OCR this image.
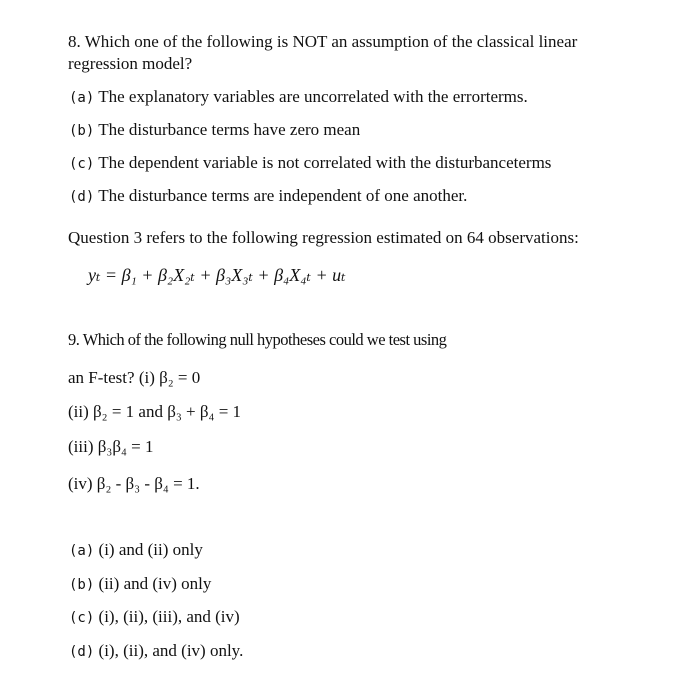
8. Which one of the following is NOT an assumption of the classical linear
regression model?
(a) The explanatory variables are uncorrelated with the errorterms.
(b) The disturbance terms have zero mean
(c) The dependent variable is not correlated with the disturbanceterms
(d) The disturbance terms are independent of one another.
Question 3 refers to the following regression estimated on 64 observations:
yₜ = β₁ + β₂X₂ₜ + β₃X₃ₜ + β₄X₄ₜ + uₜ
9. Which of the following null hypotheses could we test using
an F-test? (i) β₂ = 0
(ii) β₂ = 1 and β₃ + β₄ = 1
(iii) β₃β₄ = 1
(iv) β₂ - β₃ - β₄ = 1.
(a) (i) and (ii) only
(b) (ii) and (iv) only
(c) (i), (ii), (iii), and (iv)
(d) (i), (ii), and (iv) only.
